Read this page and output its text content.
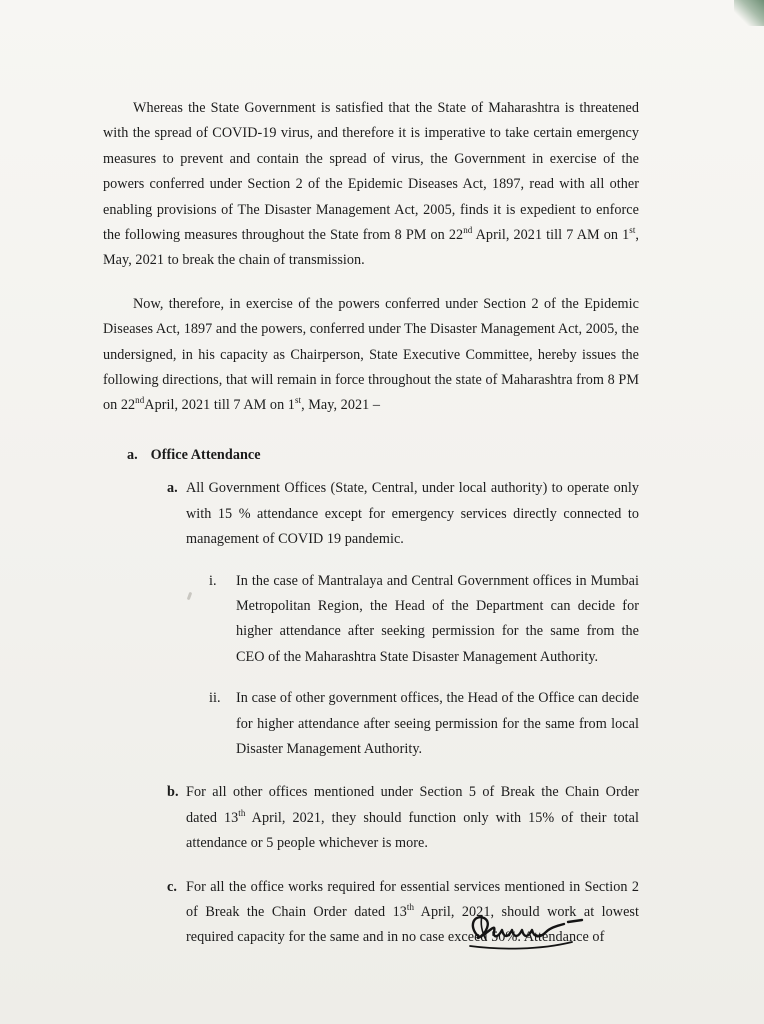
Whereas the State Government is satisfied that the State of Maharashtra is threatened with the spread of COVID-19 virus, and therefore it is imperative to take certain emergency measures to prevent and contain the spread of virus, the Government in exercise of the powers conferred under Section 2 of the Epidemic Diseases Act, 1897, read with all other enabling provisions of The Disaster Management Act, 2005, finds it is expedient to enforce the following measures throughout the State from 8 PM on 22nd April, 2021 till 7 AM on 1st, May, 2021 to break the chain of transmission.

Now, therefore, in exercise of the powers conferred under Section 2 of the Epidemic Diseases Act, 1897 and the powers, conferred under The Disaster Management Act, 2005, the undersigned, in his capacity as Chairperson, State Executive Committee, hereby issues the following directions, that will remain in force throughout the state of Maharashtra from 8 PM on 22ndApril, 2021 till 7 AM on 1st, May, 2021 –

a. Office Attendance
a. All Government Offices (State, Central, under local authority) to operate only with 15 % attendance except for emergency services directly connected to management of COVID 19 pandemic.

i. In the case of Mantralaya and Central Government offices in Mumbai Metropolitan Region, the Head of the Department can decide for higher attendance after seeking permission for the same from the CEO of the Maharashtra State Disaster Management Authority.

ii. In case of other government offices, the Head of the Office can decide for higher attendance after seeing permission for the same from local Disaster Management Authority.

b. For all other offices mentioned under Section 5 of Break the Chain Order dated 13th April, 2021, they should function only with 15% of their total attendance or 5 people whichever is more.

c. For all the office works required for essential services mentioned in Section 2 of Break the Chain Order dated 13th April, 2021, should work at lowest required capacity for the same and in no case exceed 50%. Attendance of
